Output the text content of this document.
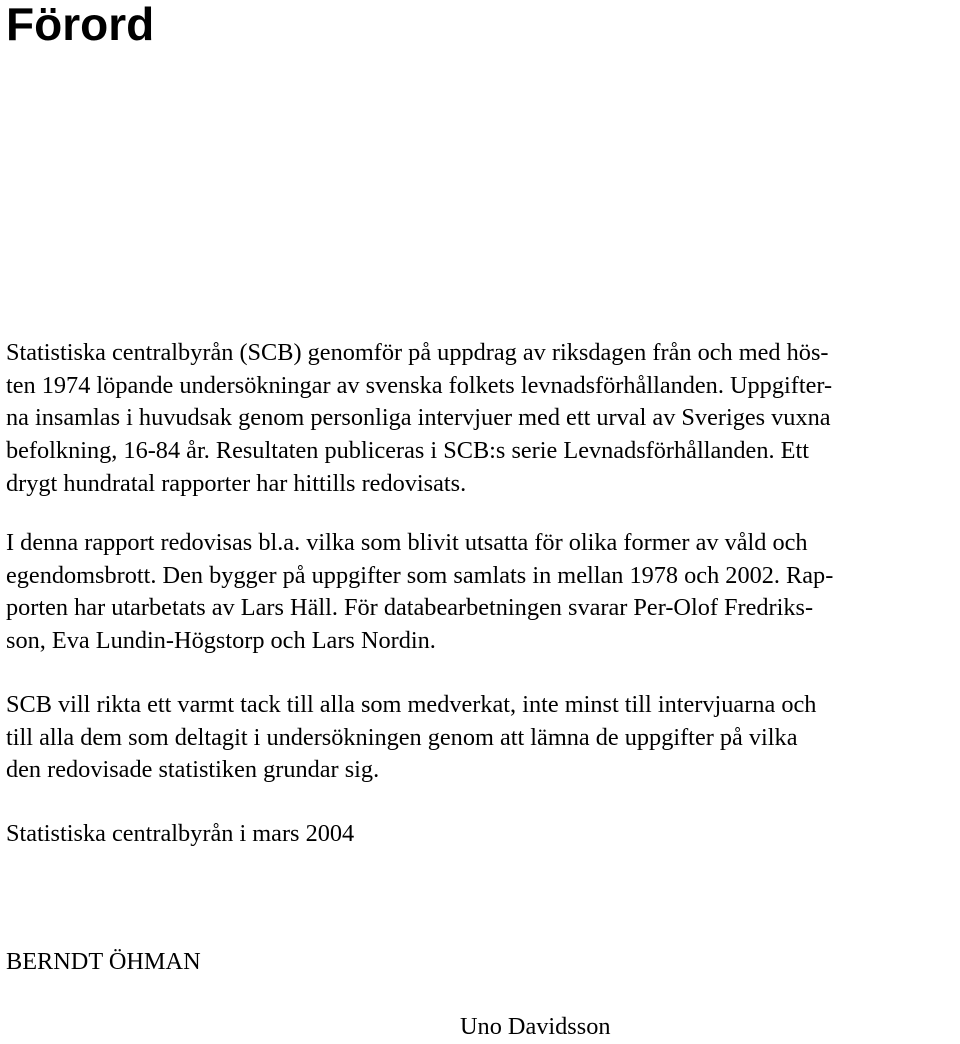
Förord

Statistiska centralbyrån (SCB) genomför på uppdrag av riksdagen från och med hös-
ten 1974 löpande undersökningar av svenska folkets levnadsförhållanden. Uppgifter-
na insamlas i huvudsak genom personliga intervjuer med ett urval av Sveriges vuxna
befolkning, 16-84 år. Resultaten publiceras i SCB:s serie Levnadsförhållanden. Ett
drygt hundratal rapporter har hittills redovisats.

I denna rapport redovisas bl.a. vilka som blivit utsatta för olika former av våld och
egendomsbrott. Den bygger på uppgifter som samlats in mellan 1978 och 2002. Rap-
porten har utarbetats av Lars Häll. För databearbetningen svarar Per-Olof Fredriks-
son, Eva Lundin-Högstorp och Lars Nordin.

SCB vill rikta ett varmt tack till alla som medverkat, inte minst till intervjuarna och
till alla dem som deltagit i undersökningen genom att lämna de uppgifter på vilka
den redovisade statistiken grundar sig.

Statistiska centralbyrån i mars 2004

BERNDT ÖHMAN

Uno Davidsson
